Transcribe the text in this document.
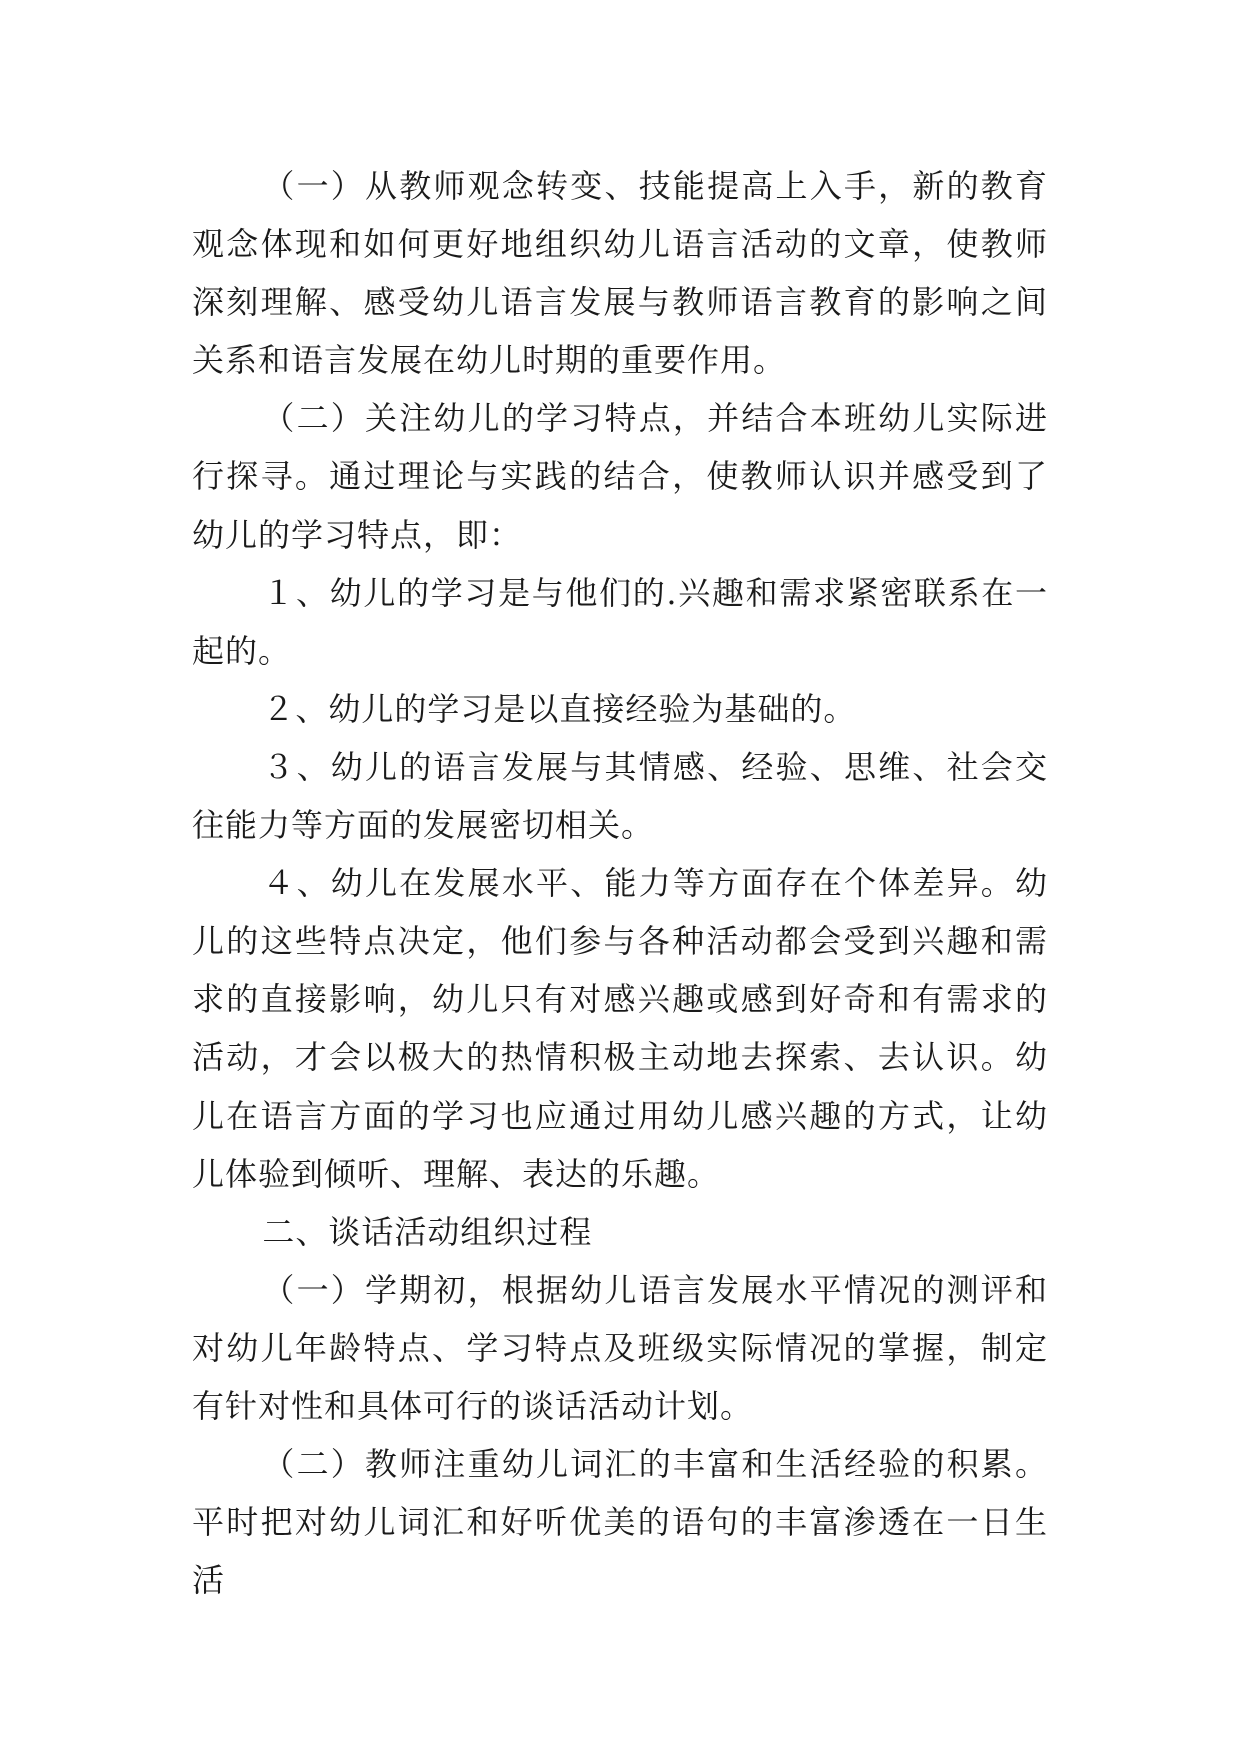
（一）从教师观念转变、技能提高上入手，新的教育观念体现和如何更好地组织幼儿语言活动的文章，使教师深刻理解、感受幼儿语言发展与教师语言教育的影响之间关系和语言发展在幼儿时期的重要作用。

（二）关注幼儿的学习特点，并结合本班幼儿实际进行探寻。通过理论与实践的结合，使教师认识并感受到了幼儿的学习特点，即：

１、幼儿的学习是与他们的.兴趣和需求紧密联系在一起的。

２、幼儿的学习是以直接经验为基础的。

３、幼儿的语言发展与其情感、经验、思维、社会交往能力等方面的发展密切相关。

４、幼儿在发展水平、能力等方面存在个体差异。幼儿的这些特点决定，他们参与各种活动都会受到兴趣和需求的直接影响，幼儿只有对感兴趣或感到好奇和有需求的活动，才会以极大的热情积极主动地去探索、去认识。幼儿在语言方面的学习也应通过用幼儿感兴趣的方式，让幼儿体验到倾听、理解、表达的乐趣。

二、谈话活动组织过程

（一）学期初，根据幼儿语言发展水平情况的测评和对幼儿年龄特点、学习特点及班级实际情况的掌握，制定有针对性和具体可行的谈话活动计划。

（二）教师注重幼儿词汇的丰富和生活经验的积累。平时把对幼儿词汇和好听优美的语句的丰富渗透在一日生活
